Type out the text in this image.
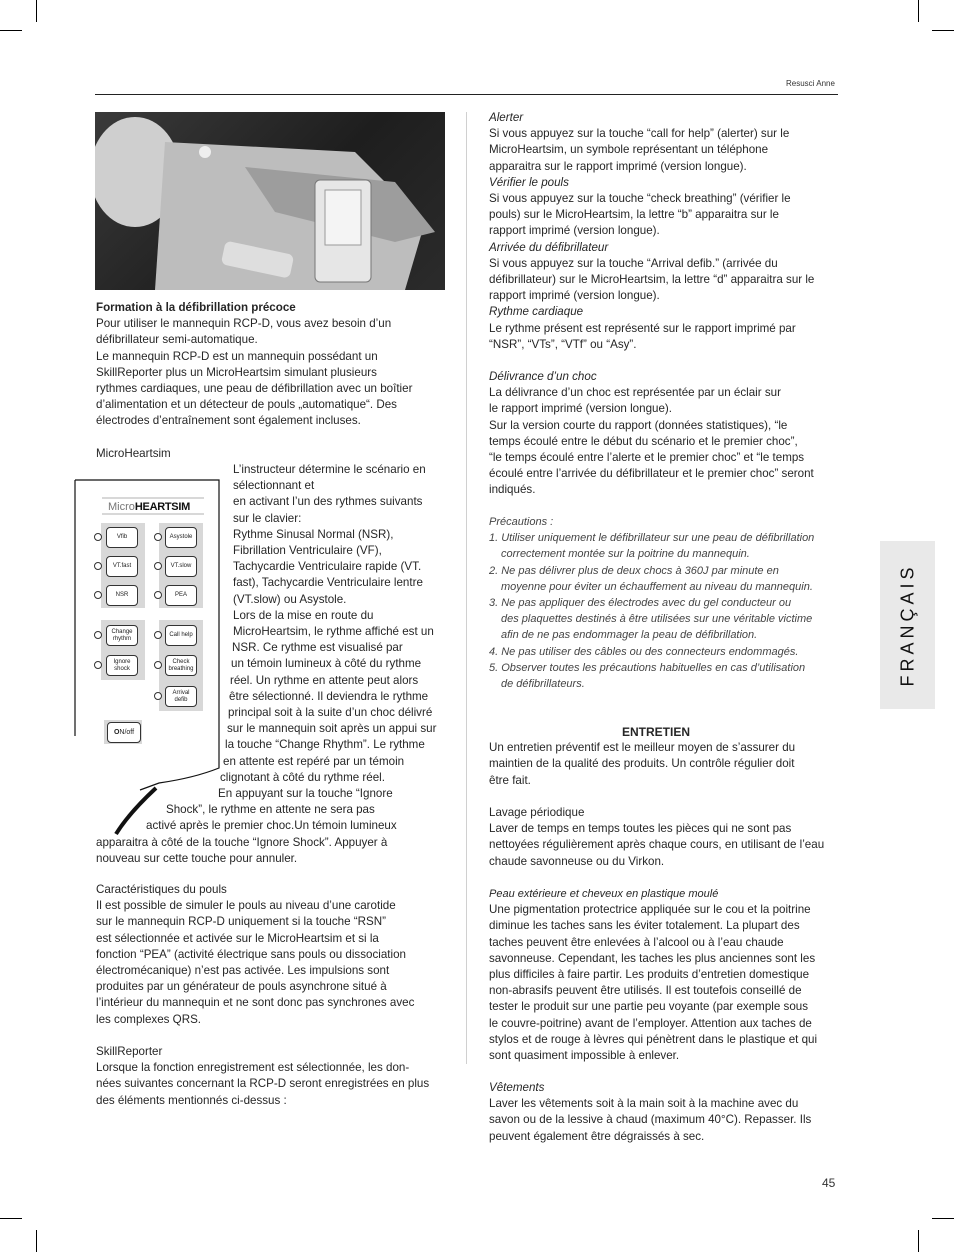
Resusci Anne
Formation à la défibrillation précoce
Pour utiliser le mannequin RCP-D, vous avez besoin d’un
défibrillateur semi-automatique.
Le mannequin RCP-D est un mannequin possédant un
SkillReporter plus un MicroHeartsim simulant plusieurs
rythmes cardiaques, une peau de défibrillation avec un boîtier
d’alimentation et un détecteur de pouls „automatique“. Des
électrodes d’entraînement sont également incluses.
MicroHeartsim
L’instructeur détermine le scénario en
sélectionnant et
en activant l’un des rythmes suivants
sur le clavier:
Rythme Sinusal Normal (NSR),
Fibrillation Ventriculaire (VF),
Tachycardie Ventriculaire rapide (VT.
fast), Tachycardie Ventriculaire lentre
(VT.slow) ou Asystole.
Lors de la mise en route du
MicroHeartsim, le rythme affiché est un
NSR. Ce rythme est visualisé par
un témoin lumineux à côté du rythme
réel. Un rythme en attente peut alors
être sélectionné. Il deviendra le rythme
principal soit à la suite d’un choc délivré
sur le mannequin soit après un appui sur
la touche “Change Rhythm”. Le rythme
en attente est repéré par un témoin
clignotant à côté du rythme réel.
En appuyant sur la touche “Ignore
Shock”, le rythme en attente ne sera pas
activé après le premier choc.Un témoin lumineux
apparaitra à côté de la touche “Ignore Shock”. Appuyer à
nouveau sur cette touche pour annuler.
MicroHEARTSIM
Vfib
VT.fast
NSR
Change rhythm
Ignore shock
Asystole
VT.slow
PEA
Call help
Check breathing
Arrival defib
O N/off
Caractéristiques du pouls
Il est possible de simuler le pouls au niveau d’une carotide
sur le mannequin RCP-D uniquement si la touche “RSN”
est sélectionnée et activée sur le MicroHeartsim et si la
fonction “PEA” (activité électrique sans pouls ou dissociation
électromécanique) n’est pas activée. Les impulsions sont
produites par un générateur de pouls asynchrone situé à
l’intérieur du mannequin et ne sont donc pas synchrones avec
les complexes QRS.
SkillReporter
Lorsque la fonction enregistrement est sélectionnée, les don-
nées suivantes concernant la RCP-D seront enregistrées en plus
des éléments mentionnés ci-dessus :
Alerter
Si vous appuyez sur la touche “call for help” (alerter) sur le
MicroHeartsim, un symbole représentant un téléphone
apparaitra sur le rapport imprimé (version longue).
Vérifier le pouls
Si vous appuyez sur la touche “check breathing” (vérifier le
pouls) sur le MicroHeartsim, la lettre “b” apparaitra sur le
rapport imprimé (version longue).
Arrivée du défibrillateur
Si vous appuyez sur la touche “Arrival defib.” (arrivée du
défibrillateur) sur le MicroHeartsim, la lettre “d” apparaitra sur le
rapport imprimé (version longue).
Rythme cardiaque
Le rythme présent est représenté sur le rapport imprimé par
“NSR”, “VTs”, “VTf” ou “Asy”.
Délivrance d’un choc
La délivrance d’un choc est représentée par un éclair sur
le rapport imprimé (version longue).
Sur la version courte du rapport (données statistiques), “le
temps écoulé entre le début du scénario et le premier choc”,
“le temps écoulé entre l’alerte et le premier choc” et “le temps
écoulé entre l’arrivée du défibrillateur et le premier choc” seront
indiqués.
Précautions :
1. Utiliser uniquement le défibrillateur sur une peau de défibrillation
correctement montée sur la poitrine du mannequin.
2. Ne pas délivrer plus de deux chocs à 360J par minute en
moyenne pour éviter un échauffement au niveau du mannequin.
3. Ne pas appliquer des électrodes avec du gel conducteur ou
des plaquettes destinés à être utilisées sur une véritable victime
afin de ne pas endommager la peau de défibrillation.
4. Ne pas utiliser des câbles ou des connecteurs endommagés.
5. Observer toutes les précautions habituelles en cas d’utilisation
de défibrillateurs.
ENTRETIEN
Un entretien préventif est le meilleur moyen de s’assurer du
maintien de la qualité des produits. Un contrôle régulier doit
être fait.
Lavage périodique
Laver de temps en temps toutes les pièces qui ne sont pas
nettoyées régulièrement après chaque cours, en utilisant de l’eau
chaude savonneuse ou du Virkon.
Peau extérieure et cheveux en plastique moulé
Une pigmentation protectrice appliquée sur le cou et la poitrine
diminue les taches sans les éviter totalement. La plupart des
taches peuvent être enlevées à l’alcool ou à l’eau chaude
savonneuse. Cependant, les taches les plus anciennes sont les
plus difficiles à faire partir. Les produits d’entretien domestique
non-abrasifs peuvent être utilisés. Il est toutefois conseillé de
tester le produit sur une partie peu voyante (par exemple sous
le couvre-poitrine) avant de l’employer. Attention aux taches de
stylos et de rouge à lèvres qui pénètrent dans le plastique et qui
sont quasiment impossible à enlever.
Vêtements
Laver les vêtements soit à la main soit à la machine avec du
savon ou de la lessive à chaud (maximum 40°C). Repasser. Ils
peuvent également être dégraissés à sec.
FRANÇAIS
45
